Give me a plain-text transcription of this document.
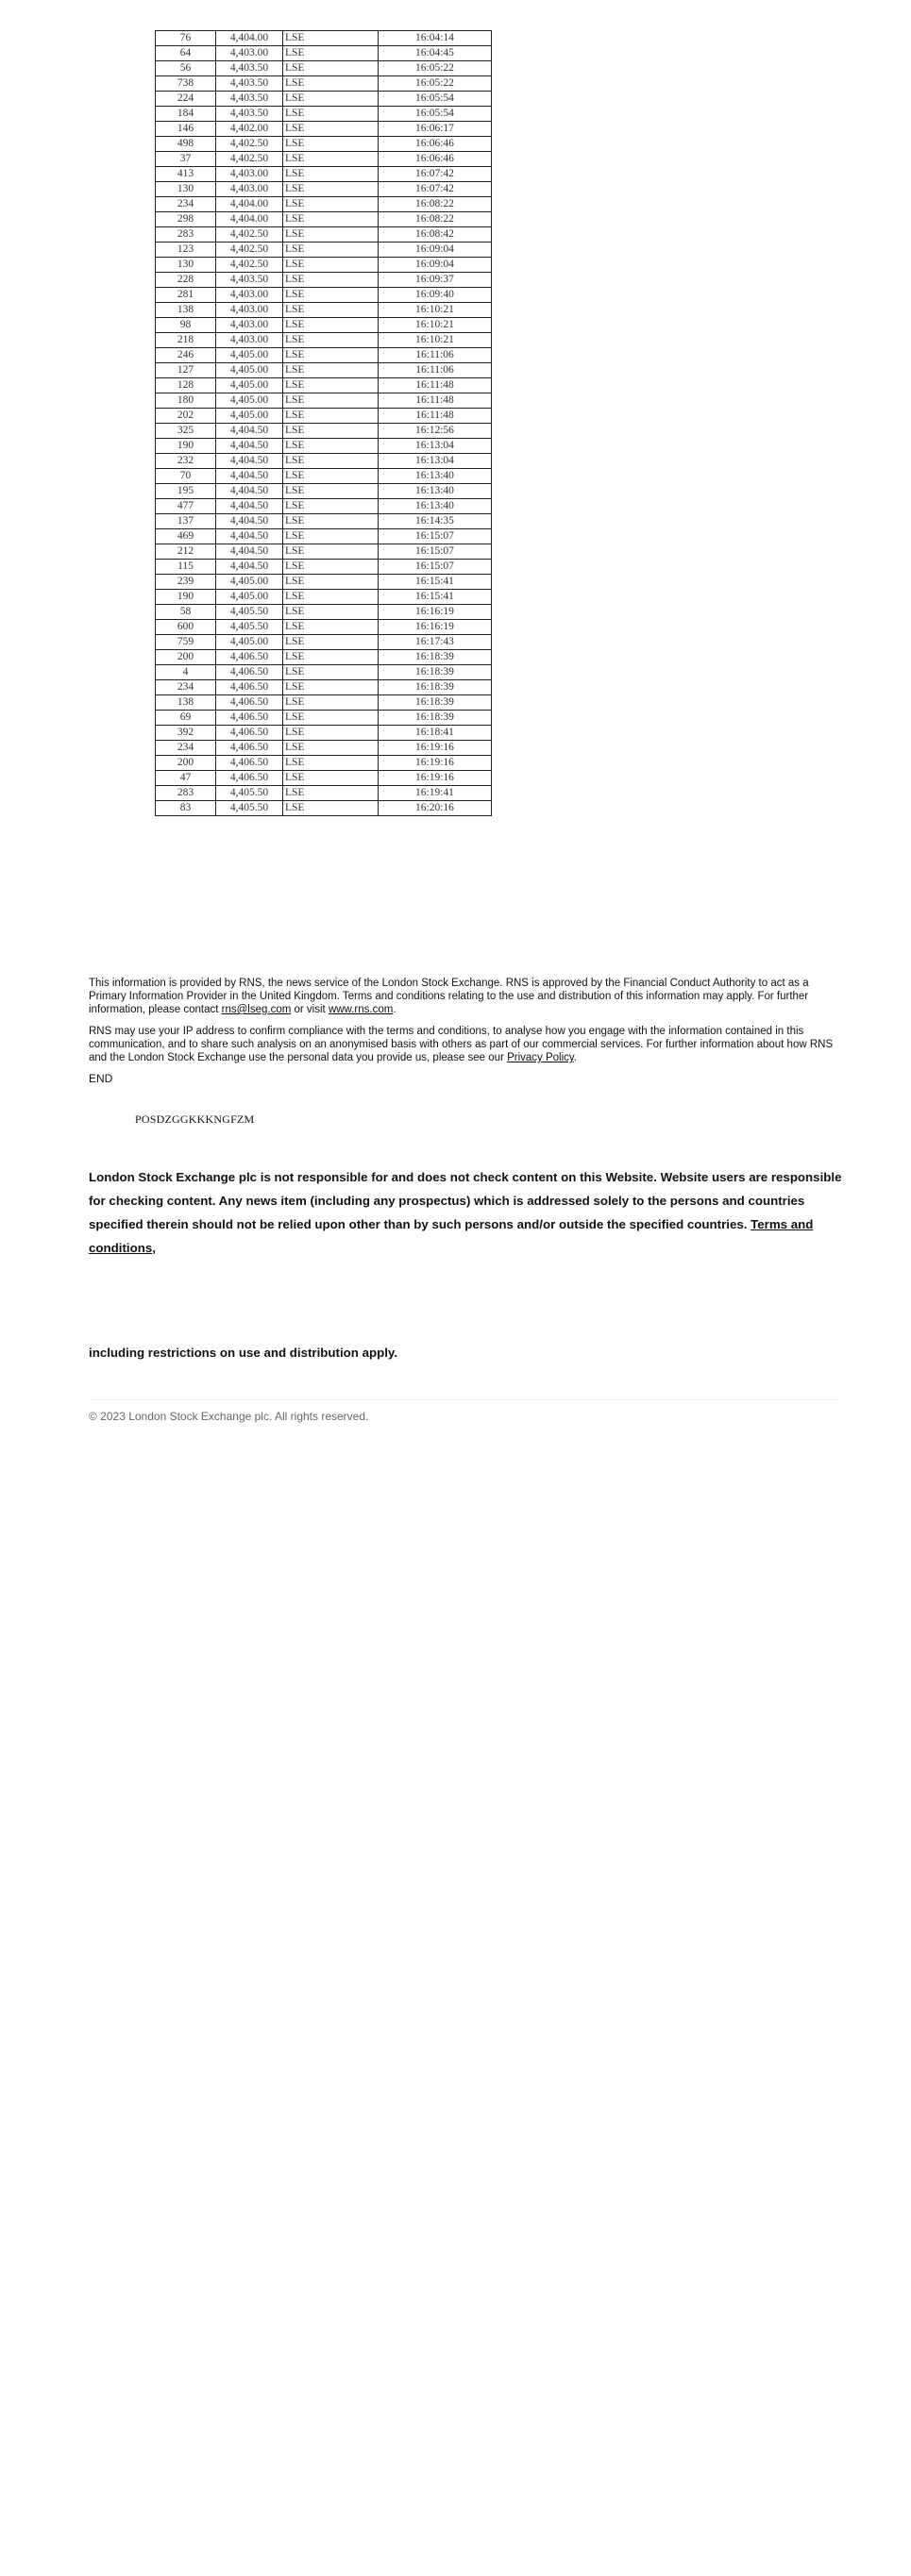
76	4,404.00	LSE	16:04:14
64	4,403.00	LSE	16:04:45
56	4,403.50	LSE	16:05:22
738	4,403.50	LSE	16:05:22
224	4,403.50	LSE	16:05:54
184	4,403.50	LSE	16:05:54
146	4,402.00	LSE	16:06:17
498	4,402.50	LSE	16:06:46
37	4,402.50	LSE	16:06:46
413	4,403.00	LSE	16:07:42
130	4,403.00	LSE	16:07:42
234	4,404.00	LSE	16:08:22
298	4,404.00	LSE	16:08:22
283	4,402.50	LSE	16:08:42
123	4,402.50	LSE	16:09:04
130	4,402.50	LSE	16:09:04
228	4,403.50	LSE	16:09:37
281	4,403.00	LSE	16:09:40
138	4,403.00	LSE	16:10:21
98	4,403.00	LSE	16:10:21
218	4,403.00	LSE	16:10:21
246	4,405.00	LSE	16:11:06
127	4,405.00	LSE	16:11:06
128	4,405.00	LSE	16:11:48
180	4,405.00	LSE	16:11:48
202	4,405.00	LSE	16:11:48
325	4,404.50	LSE	16:12:56
190	4,404.50	LSE	16:13:04
232	4,404.50	LSE	16:13:04
70	4,404.50	LSE	16:13:40
195	4,404.50	LSE	16:13:40
477	4,404.50	LSE	16:13:40
137	4,404.50	LSE	16:14:35
469	4,404.50	LSE	16:15:07
212	4,404.50	LSE	16:15:07
115	4,404.50	LSE	16:15:07
239	4,405.00	LSE	16:15:41
190	4,405.00	LSE	16:15:41
58	4,405.50	LSE	16:16:19
600	4,405.50	LSE	16:16:19
759	4,405.00	LSE	16:17:43
200	4,406.50	LSE	16:18:39
4	4,406.50	LSE	16:18:39
234	4,406.50	LSE	16:18:39
138	4,406.50	LSE	16:18:39
69	4,406.50	LSE	16:18:39
392	4,406.50	LSE	16:18:41
234	4,406.50	LSE	16:19:16
200	4,406.50	LSE	16:19:16
47	4,406.50	LSE	16:19:16
283	4,405.50	LSE	16:19:41
83	4,405.50	LSE	16:20:16

This information is provided by RNS, the news service of the London Stock Exchange. RNS is approved by the Financial Conduct Authority to act as a Primary Information Provider in the United Kingdom. Terms and conditions relating to the use and distribution of this information may apply. For further information, please contact rns@lseg.com or visit www.rns.com.

RNS may use your IP address to confirm compliance with the terms and conditions, to analyse how you engage with the information contained in this communication, and to share such analysis on an anonymised basis with others as part of our commercial services. For further information about how RNS and the London Stock Exchange use the personal data you provide us, please see our Privacy Policy.

END

POSDZGGKKKNGFZM

London Stock Exchange plc is not responsible for and does not check content on this Website. Website users are responsible for checking content. Any news item (including any prospectus) which is addressed solely to the persons and countries specified therein should not be relied upon other than by such persons and/or outside the specified countries. Terms and conditions,

including restrictions on use and distribution apply.

© 2023 London Stock Exchange plc. All rights reserved.
